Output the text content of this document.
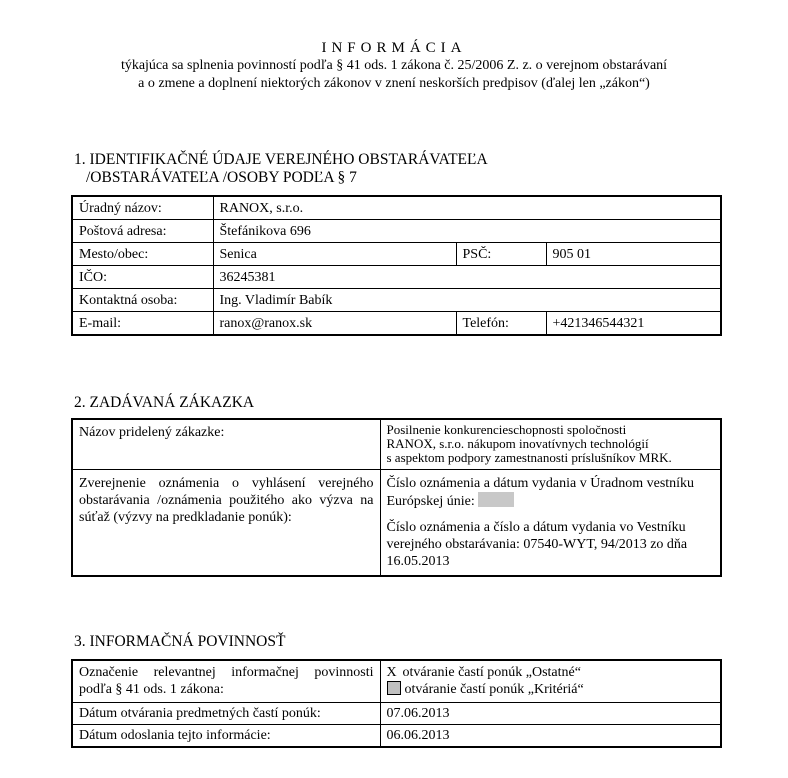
INFORMÁCIA
týkajúca sa splnenia povinností podľa § 41 ods. 1 zákona č. 25/2006 Z. z. o verejnom obstarávaní
a o zmene a doplnení niektorých zákonov v znení neskorších predpisov (ďalej len „zákon“)
1. IDENTIFIKAČNÉ ÚDAJE VEREJNÉHO OBSTARÁVATEĽA
/OBSTARÁVATEĽA /OSOBY PODĽA § 7
Úradný názov:	RANOX, s.r.o.		
Poštová adresa:	Štefánikova 696		
Mesto/obec:	Senica	PSČ:	905 01
IČO:	36245381		
Kontaktná osoba:	Ing. Vladimír Babík		
E-mail:	ranox@ranox.sk	Telefón:	+421346544321
2. ZADÁVANÁ ZÁKAZKA
Názov pridelený zákazke:	Posilnenie konkurencieschopnosti spoločnosti
RANOX, s.r.o. nákupom inovatívnych technológií
s aspektom podpory zamestnanosti príslušníkov MRK.

Zverejnenie oznámenia o vyhlásení verejného obstarávania /oznámenia použitého ako výzva na súťaž (výzvy na predkladanie ponúk):	Číslo oznámenia a dátum vydania v Úradnom vestníku
Európskej únie:
Číslo oznámenia a číslo a dátum vydania vo Vestníku verejného obstarávania: 07540-WYT, 94/2013 zo dňa 16.05.2013
3. INFORMAČNÁ POVINNOSŤ
Označenie relevantnej informačnej povinnosti podľa § 41 ods. 1 zákona:	X otváranie častí ponúk „Ostatné“
otváranie častí ponúk „Kritériá“

Dátum otvárania predmetných častí ponúk:	07.06.2013
Dátum odoslania tejto informácie:	06.06.2013
